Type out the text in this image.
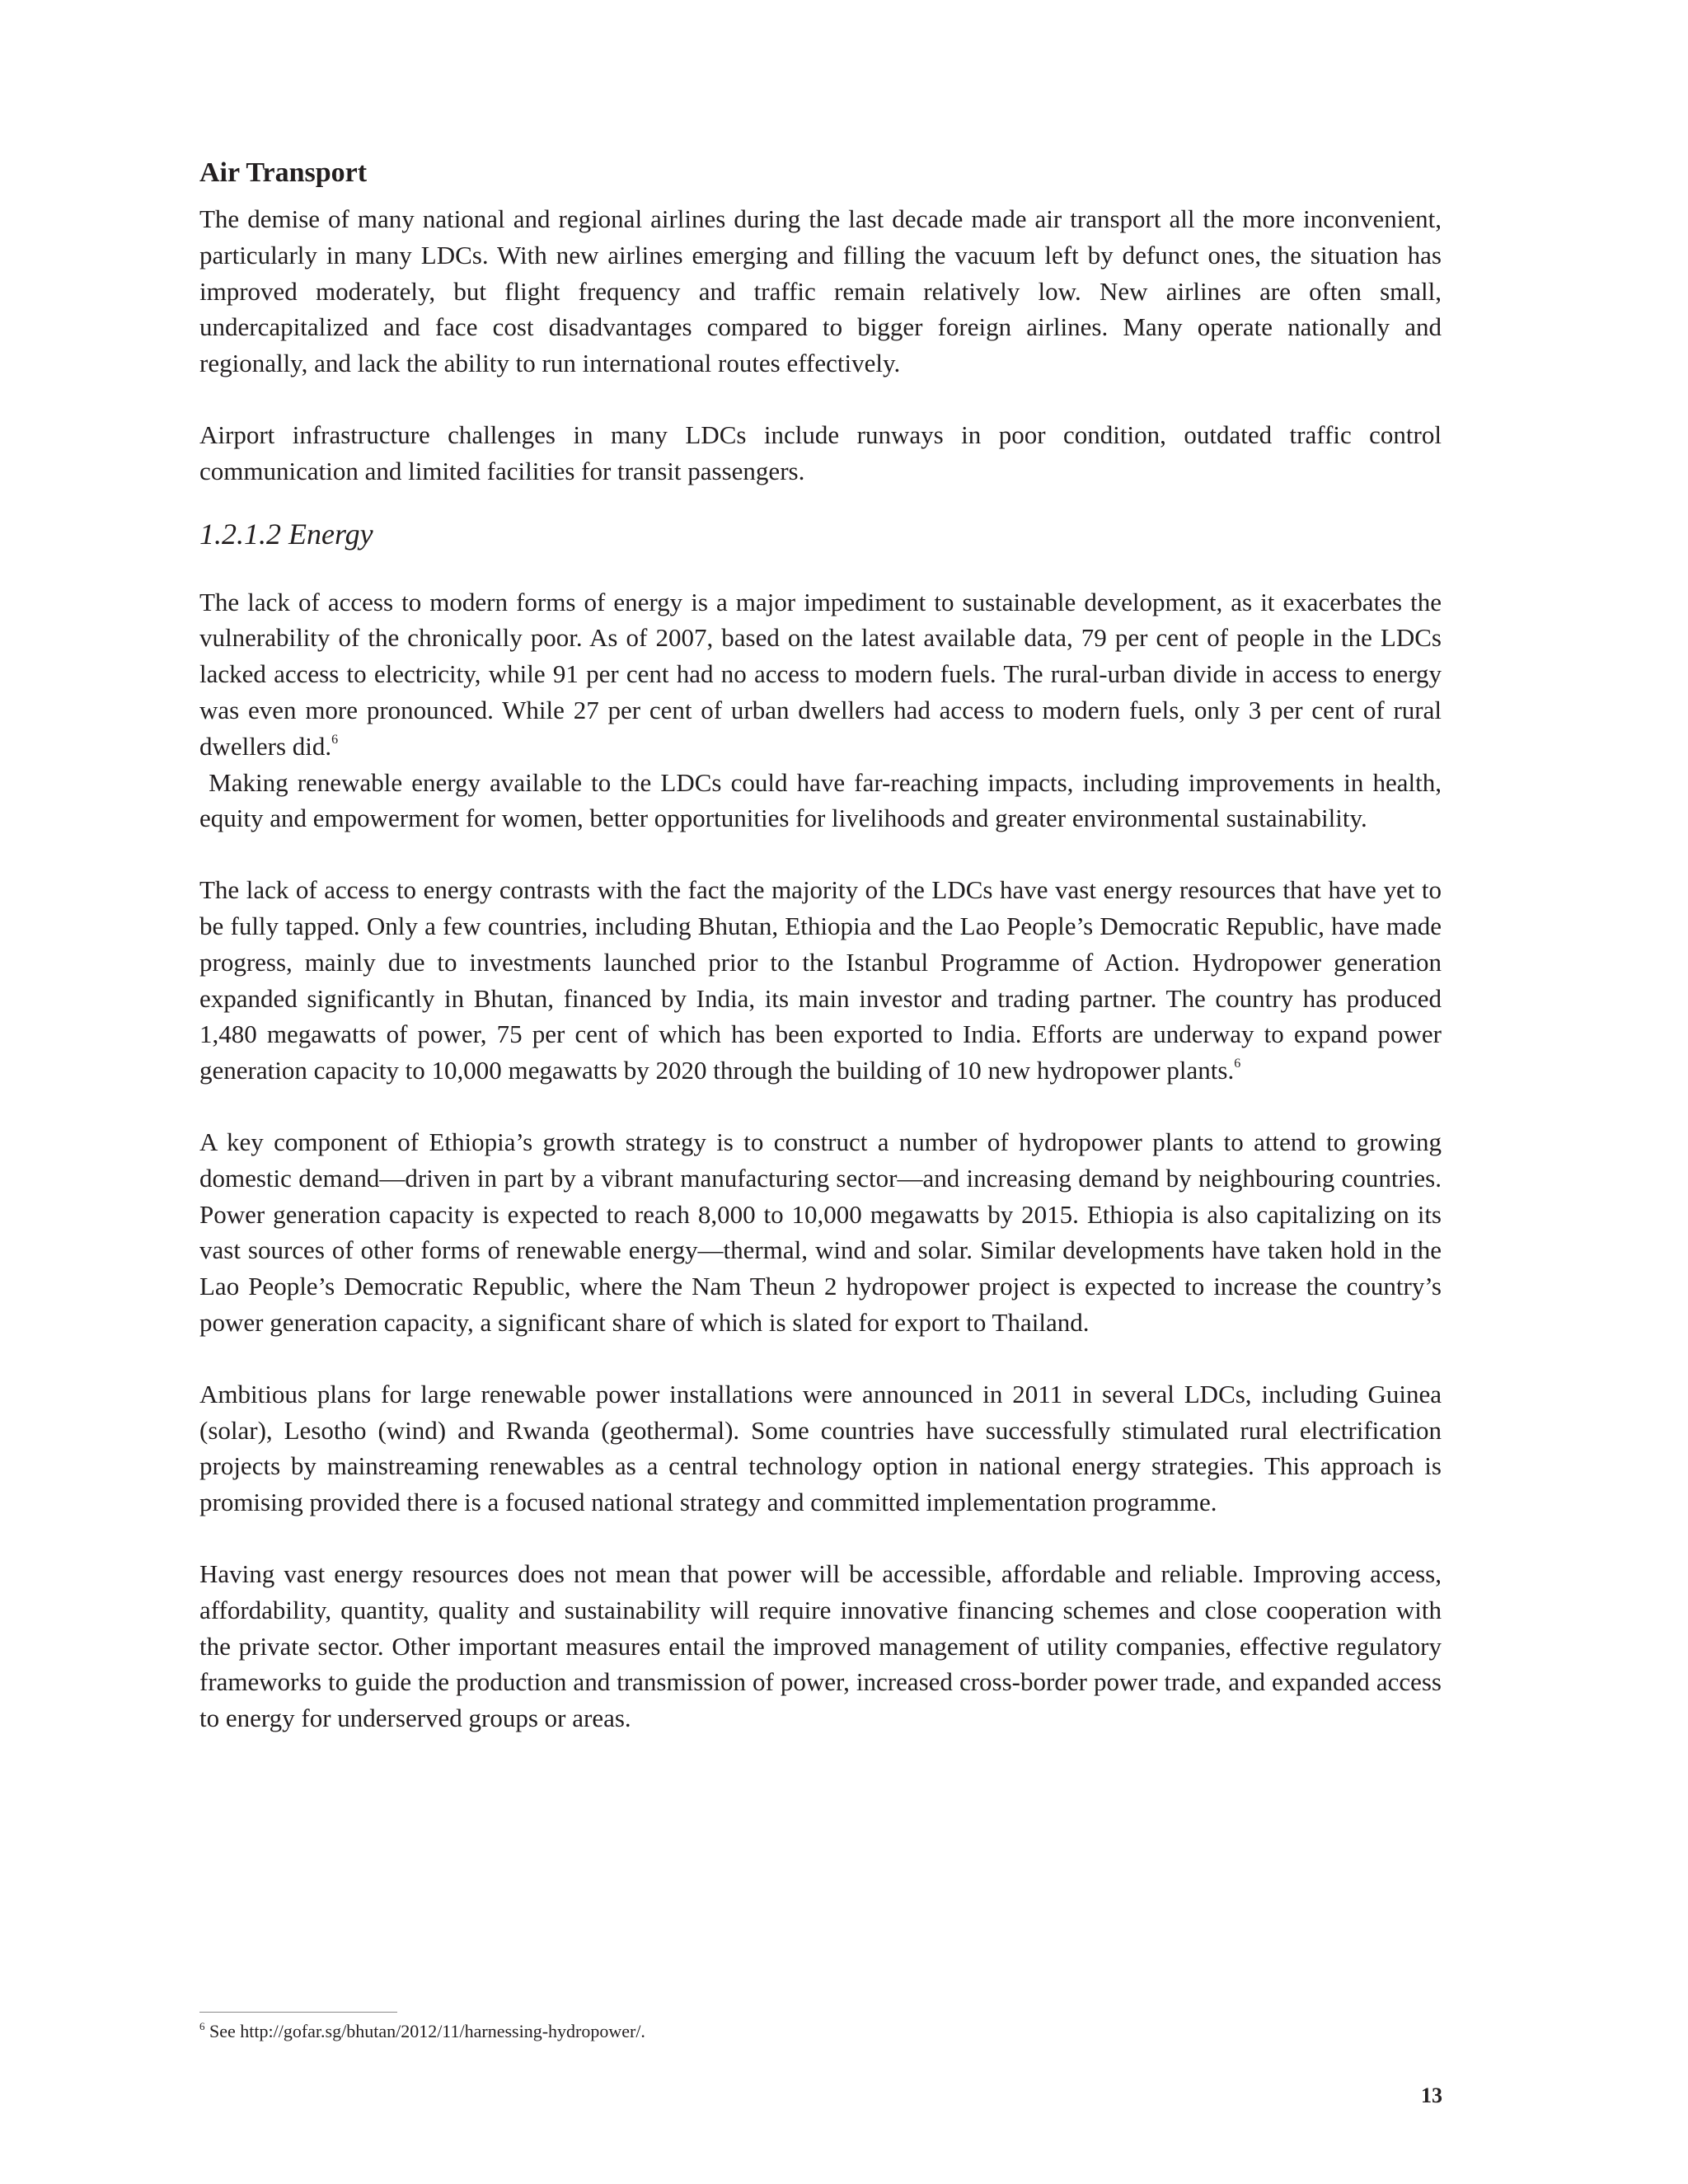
Air Transport

The demise of many national and regional airlines during the last decade made air transport all the more inconvenient, particularly in many LDCs. With new airlines emerging and filling the vacuum left by defunct ones, the situation has improved moderately, but flight frequency and traffic remain relatively low. New airlines are often small, undercapitalized and face cost disadvantages compared to bigger foreign airlines. Many operate nationally and regionally, and lack the ability to run international routes effectively.

Airport infrastructure challenges in many LDCs include runways in poor condition, outdated traffic control communication and limited facilities for transit passengers.

1.2.1.2 Energy

The lack of access to modern forms of energy is a major impediment to sustainable development, as it exacerbates the vulnerability of the chronically poor. As of 2007, based on the latest available data, 79 per cent of people in the LDCs lacked access to electricity, while 91 per cent had no access to modern fuels. The rural-urban divide in access to energy was even more pronounced. While 27 per cent of urban dwellers had access to modern fuels, only 3 per cent of rural dwellers did.$^6$
Making renewable energy available to the LDCs could have far-reaching impacts, including improvements in health, equity and empowerment for women, better opportunities for livelihoods and greater environmental sustainability.

The lack of access to energy contrasts with the fact the majority of the LDCs have vast energy resources that have yet to be fully tapped. Only a few countries, including Bhutan, Ethiopia and the Lao People’s Democratic Republic, have made progress, mainly due to investments launched prior to the Istanbul Programme of Action. Hydropower generation expanded significantly in Bhutan, financed by India, its main investor and trading partner. The country has produced 1,480 megawatts of power, 75 per cent of which has been exported to India. Efforts are underway to expand power generation capacity to 10,000 megawatts by 2020 through the building of 10 new hydropower plants.$^6$

A key component of Ethiopia’s growth strategy is to construct a number of hydropower plants to attend to growing domestic demand—driven in part by a vibrant manufacturing sector—and increasing demand by neighbouring countries. Power generation capacity is expected to reach 8,000 to 10,000 megawatts by 2015. Ethiopia is also capitalizing on its vast sources of other forms of renewable energy—thermal, wind and solar. Similar developments have taken hold in the Lao People’s Democratic Republic, where the Nam Theun 2 hydropower project is expected to increase the country’s power generation capacity, a significant share of which is slated for export to Thailand.

Ambitious plans for large renewable power installations were announced in 2011 in several LDCs, including Guinea (solar), Lesotho (wind) and Rwanda (geothermal). Some countries have successfully stimulated rural electrification projects by mainstreaming renewables as a central technology option in national energy strategies. This approach is promising provided there is a focused national strategy and committed implementation programme.

Having vast energy resources does not mean that power will be accessible, affordable and reliable. Improving access, affordability, quantity, quality and sustainability will require innovative financing schemes and close cooperation with the private sector. Other important measures entail the improved management of utility companies, effective regulatory frameworks to guide the production and transmission of power, increased cross-border power trade, and expanded access to energy for underserved groups or areas.

$^6$ See http://gofar.sg/bhutan/2012/11/harnessing-hydropower/.
13
